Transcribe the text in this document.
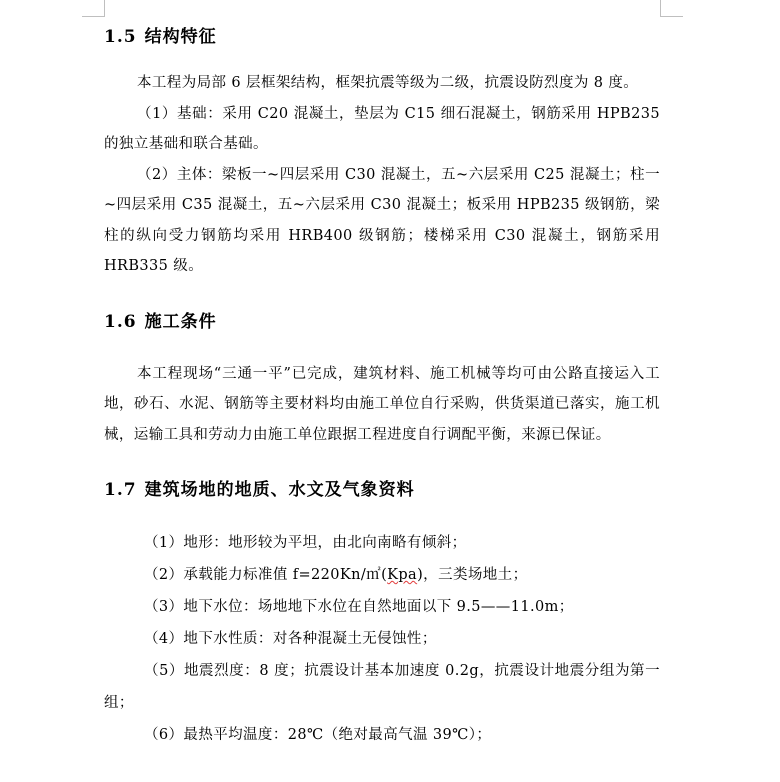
1.5 结构特征

本工程为局部 6 层框架结构，框架抗震等级为二级，抗震设防烈度为 8 度。

（1）基础：采用 C20 混凝土，垫层为 C15 细石混凝土，钢筋采用 HPB235 的独立基础和联合基础。

（2）主体：梁板一~四层采用 C30 混凝土，五~六层采用 C25 混凝土；柱一~四层采用 C35 混凝土，五~六层采用 C30 混凝土；板采用 HPB235 级钢筋，梁柱的纵向受力钢筋均采用 HRB400 级钢筋；楼梯采用 C30 混凝土，钢筋采用 HRB335 级。

1.6 施工条件

本工程现场“三通一平”已完成，建筑材料、施工机械等均可由公路直接运入工地，砂石、水泥、钢筋等主要材料均由施工单位自行采购，供货渠道已落实，施工机械，运输工具和劳动力由施工单位跟据工程进度自行调配平衡，来源已保证。

1.7 建筑场地的地质、水文及气象资料

（1）地形：地形较为平坦，由北向南略有倾斜；

（2）承载能力标准值 f=220Kn/㎡(Kpa)，三类场地土；

（3）地下水位：场地地下水位在自然地面以下 9.5——11.0m；

（4）地下水性质：对各种混凝土无侵蚀性；

（5）地震烈度：8 度；抗震设计基本加速度 0.2g，抗震设计地震分组为第一组；

（6）最热平均温度：28℃（绝对最高气温 39℃）；
